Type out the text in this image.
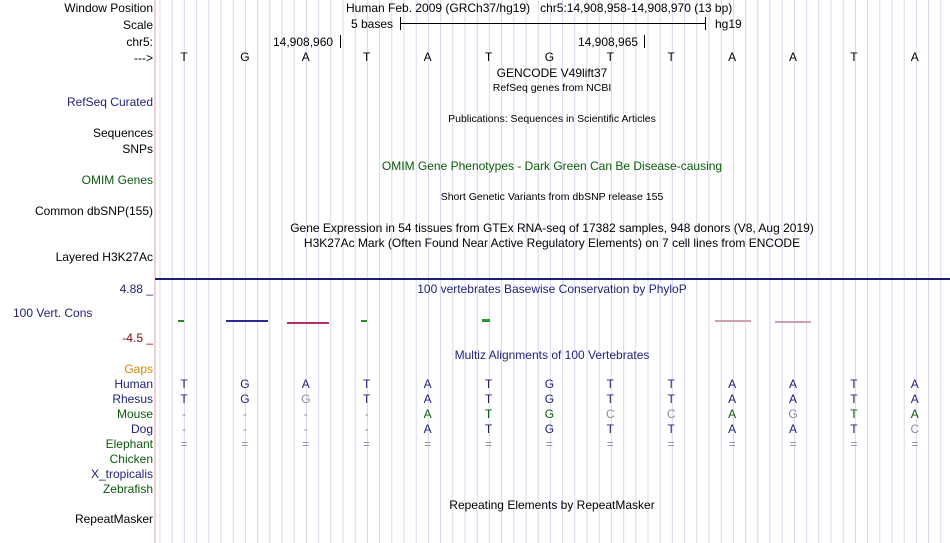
Window Position	Human Feb. 2009 (GRCh37/hg19)   chr5:14,908,958-14,908,970 (13 bp)
Scale	5 bases	hg19
chr5:	14,908,960	14,908,965
---> T	G	A	T	A	T	G	T	T	A	A	T	A
GENCODE V49lift37
RefSeq genes from NCBI
RefSeq Curated
Publications: Sequences in Scientific Articles
Sequences
SNPs
OMIM Gene Phenotypes - Dark Green Can Be Disease-causing
OMIM Genes
Short Genetic Variants from dbSNP release 155
Common dbSNP(155)
Gene Expression in 54 tissues from GTEx RNA-seq of 17382 samples, 948 donors (V8, Aug 2019)
H3K27Ac Mark (Often Found Near Active Regulatory Elements) on 7 cell lines from ENCODE
Layered H3K27Ac
4.88 _	100 vertebrates Basewise Conservation by PhyloP
100 Vert. Cons
-4.5 _
Multiz Alignments of 100 Vertebrates
Gaps
Human T	G	A	T	A	T	G	T	T	A	A	T	A
Rhesus T	G	G	T	A	T	G	T	T	A	A	T	A
Mouse -	-	-	-	A	T	G	C	C	A	G	T	A
Dog -	-	-	-	A	T	G	T	T	A	A	T	C
Elephant =	=	=	=	=	=	=	=	=	=	=	=	=
Chicken
X_tropicalis
Zebrafish
Repeating Elements by RepeatMasker
RepeatMasker
